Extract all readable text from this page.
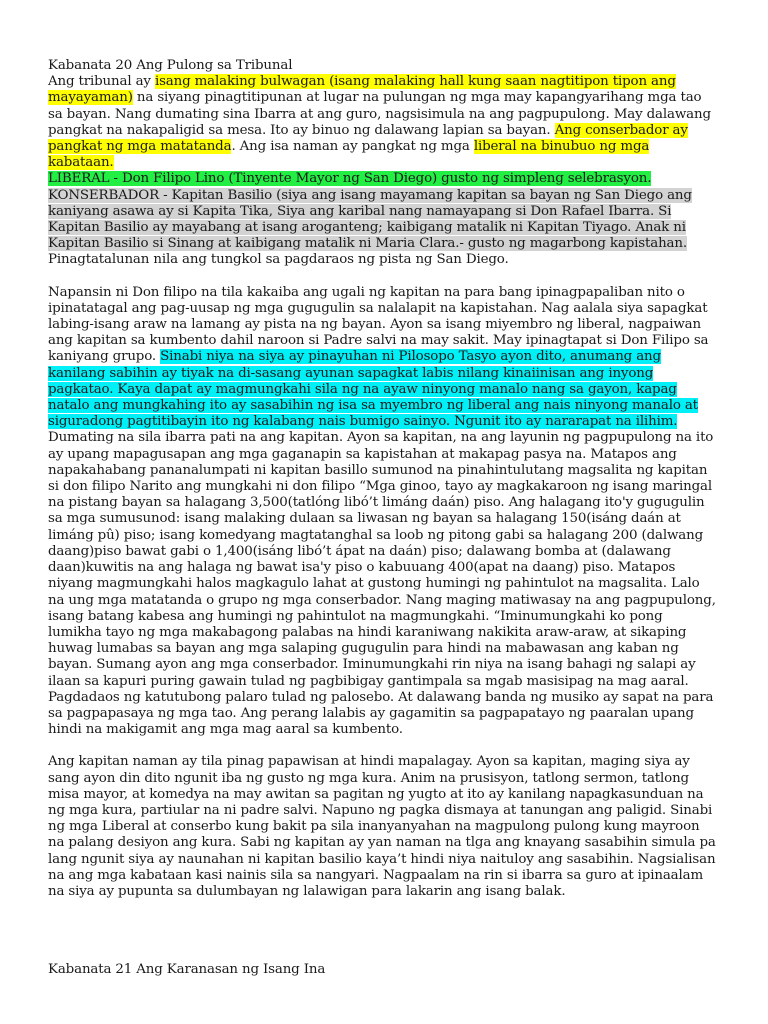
Kabanata 20 Ang Pulong sa Tribunal

Ang tribunal ay isang malaking bulwagan (isang malaking hall kung saan nagtitipon tipon ang mayayaman) na siyang pinagtitipunan at lugar na pulungan ng mga may kapangyarihang mga tao sa bayan. Nang dumating sina Ibarra at ang guro, nagsisimula na ang pagpupulong. May dalawang pangkat na nakapaligid sa mesa. Ito ay binuo ng dalawang lapian sa bayan. Ang conserbador ay pangkat ng mga matatanda. Ang isa naman ay pangkat ng mga liberal na binubuo ng mga kabataan.
LIBERAL - Don Filipo Lino (Tinyente Mayor ng San Diego) gusto ng simpleng selebrasyon.
KONSERBADOR - Kapitan Basilio (siya ang isang mayamang kapitan sa bayan ng San Diego ang kaniyang asawa ay si Kapita Tika, Siya ang karibal nang namayapang si Don Rafael Ibarra. Si Kapitan Basilio ay mayabang at isang aroganteng; kaibigang matalik ni Kapitan Tiyago. Anak ni Kapitan Basilio si Sinang at kaibigang matalik ni Maria Clara.- gusto ng magarbong kapistahan. Pinagtatalunan nila ang tungkol sa pagdaraos ng pista ng San Diego.

Napansin ni Don filipo na tila kakaiba ang ugali ng kapitan na para bang ipinagpapaliban nito o ipinatatagal ang pag-uusap ng mga gugugulin sa nalalapit na kapistahan. Nag aalala siya sapagkat labing-isang araw na lamang ay pista na ng bayan. Ayon sa isang miyembro ng liberal, nagpaiwan ang kapitan sa kumbento dahil naroon si Padre salvi na may sakit. May ipinagtapat si Don Filipo sa kaniyang grupo. Sinabi niya na siya ay pinayuhan ni Pilosopo Tasyo ayon dito, anumang ang kanilang sabihin ay tiyak na di-sasang ayunan sapagkat labis nilang kinaiinisan ang inyong pagkatao. Kaya dapat ay magmungkahi sila ng na ayaw ninyong manalo nang sa gayon, kapag natalo ang mungkahing ito ay sasabihin ng isa sa myembro ng liberal ang nais ninyong manalo at siguradong pagtitibayin ito ng kalabang nais bumigo sainyo. Ngunit ito ay nararapat na ilihim. Dumating na sila ibarra pati na ang kapitan. Ayon sa kapitan, na ang layunin ng pagpupulong na ito ay upang mapagusapan ang mga gaganapin sa kapistahan at makapag pasya na. Matapos ang napakahabang pananalumpati ni kapitan basillo sumunod na pinahintulutang magsalita ng kapitan si don filipo Narito ang mungkahi ni don filipo “Mga ginoo, tayo ay magkakaroon ng isang maringal na pistang bayan sa halagang 3,500(tatlóng libó’t limáng daán) piso. Ang halagang ito'y gugugulin sa mga sumusunod: isang malaking dulaan sa liwasan ng bayan sa halagang 150(isáng daán at limáng pû) piso; isang komedyang magtatanghal sa loob ng pitong gabi sa halagang 200 (dalwang daang)piso bawat gabi o 1,400(isáng libó’t ápat na daán) piso; dalawang bomba at (dalawang daan)kuwitis na ang halaga ng bawat isa'y piso o kabuuang 400(apat na daang) piso. Matapos niyang magmungkahi halos magkagulo lahat at gustong humingi ng pahintulot na magsalita. Lalo na ung mga matatanda o grupo ng mga conserbador. Nang maging matiwasay na ang pagpupulong, isang batang kabesa ang humingi ng pahintulot na magmungkahi. “Iminumungkahi ko pong lumikha tayo ng mga makabagong palabas na hindi karaniwang nakikita araw-araw, at sikaping huwag lumabas sa bayan ang mga salaping gugugulin para hindi na mabawasan ang kaban ng bayan. Sumang ayon ang mga conserbador. Iminumungkahi rin niya na isang bahagi ng salapi ay ilaan sa kapuri puring gawain tulad ng pagbibigay gantimpala sa mgab masisipag na mag aaral. Pagdadaos ng katutubong palaro tulad ng palosebo. At dalawang banda ng musiko ay sapat na para sa pagpapasaya ng mga tao. Ang perang lalabis ay gagamitin sa pagpapatayo ng paaralan upang hindi na makigamit ang mga mag aaral sa kumbento.

Ang kapitan naman ay tila pinag papawisan at hindi mapalagay. Ayon sa kapitan, maging siya ay sang ayon din dito ngunit iba ng gusto ng mga kura. Anim na prusisyon, tatlong sermon, tatlong misa mayor, at komedya na may awitan sa pagitan ng yugto at ito ay kanilang napagkasunduan na ng mga kura, partiular na ni padre salvi. Napuno ng pagka dismaya at tanungan ang paligid. Sinabi ng mga Liberal at conserbo kung bakit pa sila inanyanyahan na magpulong pulong kung mayroon na palang desiyon ang kura. Sabi ng kapitan ay yan naman na tlga ang knayang sasabihin simula pa lang ngunit siya ay naunahan ni kapitan basilio kaya’t hindi niya naituloy ang sasabihin. Nagsialisan na ang mga kabataan kasi nainis sila sa nangyari. Nagpaalam na rin si ibarra sa guro at ipinaalam na siya ay pupunta sa dulumbayan ng lalawigan para lakarin ang isang balak.

Kabanata 21 Ang Karanasan ng Isang Ina
